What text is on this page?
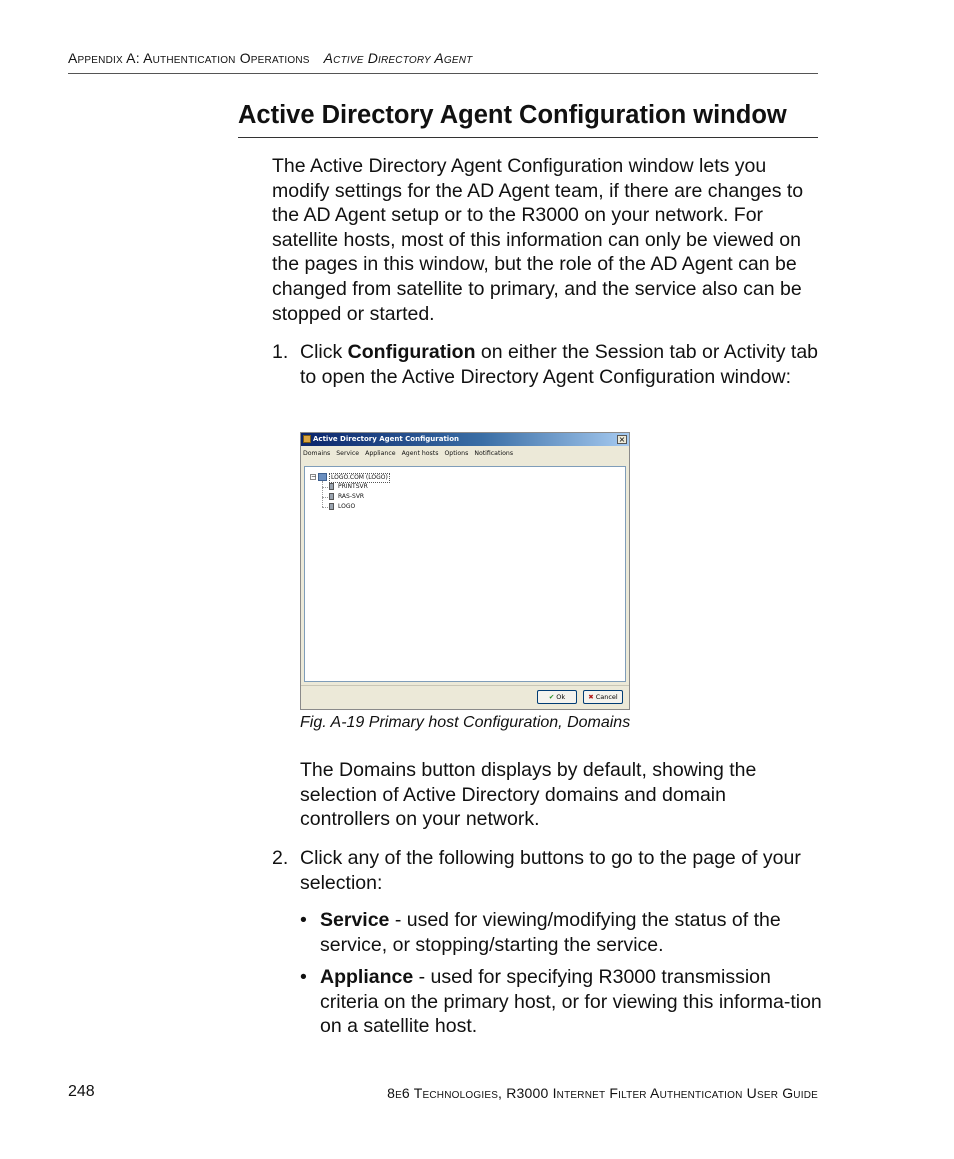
Appendix A: Authentication Operations Active Directory Agent
Active Directory Agent Configuration window
The Active Directory Agent Configuration window lets you modify settings for the AD Agent team, if there are changes to the AD Agent setup or to the R3000 on your network. For satellite hosts, most of this information can only be viewed on the pages in this window, but the role of the AD Agent can be changed from satellite to primary, and the service also can be stopped or started.
1. Click Configuration on either the Session tab or Activity tab to open the Active Directory Agent Configuration window:
Active Directory Agent Configuration	×
Domains Service Appliance Agent hosts Options Notifications
−	LOGO.COM (LOGO)
PRINTSVR
RAS-SVR
LOGO
✔ Ok	✖ Cancel
Fig. A-19 Primary host Configuration, Domains
The Domains button displays by default, showing the selection of Active Directory domains and domain controllers on your network.
2. Click any of the following buttons to go to the page of your selection:
• Service - used for viewing/modifying the status of the service, or stopping/starting the service.
• Appliance - used for specifying R3000 transmission criteria on the primary host, or for viewing this informa-tion on a satellite host.
248	8e6 Technologies, R3000 Internet Filter Authentication User Guide
